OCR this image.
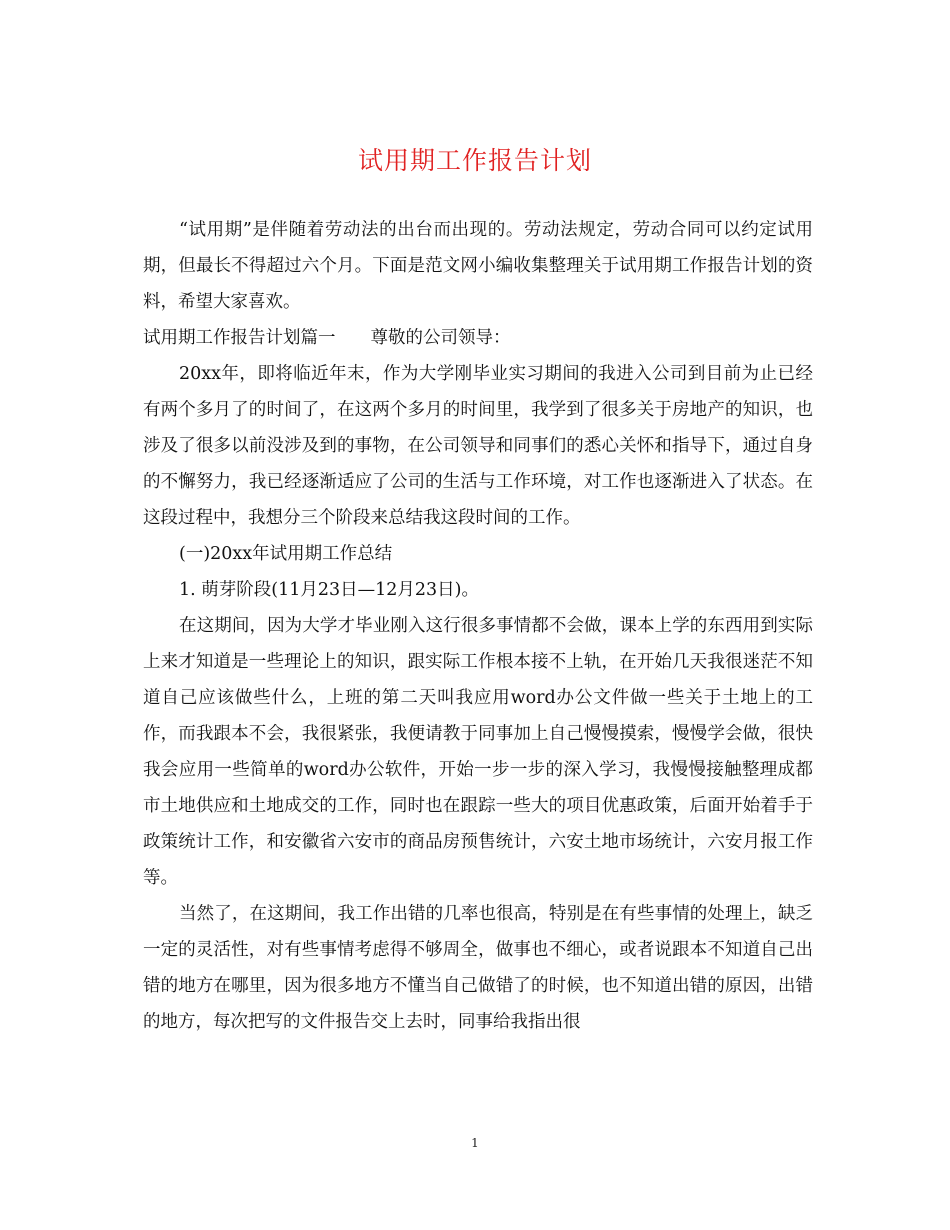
试用期工作报告计划

“试用期”是伴随着劳动法的出台而出现的。劳动法规定，劳动合同可以约定试用期，但最长不得超过六个月。下面是范文网小编收集整理关于试用期工作报告计划的资料，希望大家喜欢。

试用期工作报告计划篇一　　尊敬的公司领导：

20xx年，即将临近年末，作为大学刚毕业实习期间的我进入公司到目前为止已经有两个多月了的时间了，在这两个多月的时间里，我学到了很多关于房地产的知识，也涉及了很多以前没涉及到的事物，在公司领导和同事们的悉心关怀和指导下，通过自身的不懈努力，我已经逐渐适应了公司的生活与工作环境，对工作也逐渐进入了状态。在这段过程中，我想分三个阶段来总结我这段时间的工作。

(一)20xx年试用期工作总结

1. 萌芽阶段(11月23日—12月23日)。

在这期间，因为大学才毕业刚入这行很多事情都不会做，课本上学的东西用到实际上来才知道是一些理论上的知识，跟实际工作根本接不上轨，在开始几天我很迷茫不知道自己应该做些什么，上班的第二天叫我应用word办公文件做一些关于土地上的工作，而我跟本不会，我很紧张，我便请教于同事加上自己慢慢摸索，慢慢学会做，很快我会应用一些简单的word办公软件，开始一步一步的深入学习，我慢慢接触整理成都市土地供应和土地成交的工作，同时也在跟踪一些大的项目优惠政策，后面开始着手于政策统计工作，和安徽省六安市的商品房预售统计，六安土地市场统计，六安月报工作等。

当然了，在这期间，我工作出错的几率也很高，特别是在有些事情的处理上，缺乏一定的灵活性，对有些事情考虑得不够周全，做事也不细心，或者说跟本不知道自己出错的地方在哪里，因为很多地方不懂当自己做错了的时候，也不知道出错的原因，出错的地方，每次把写的文件报告交上去时，同事给我指出很

1
